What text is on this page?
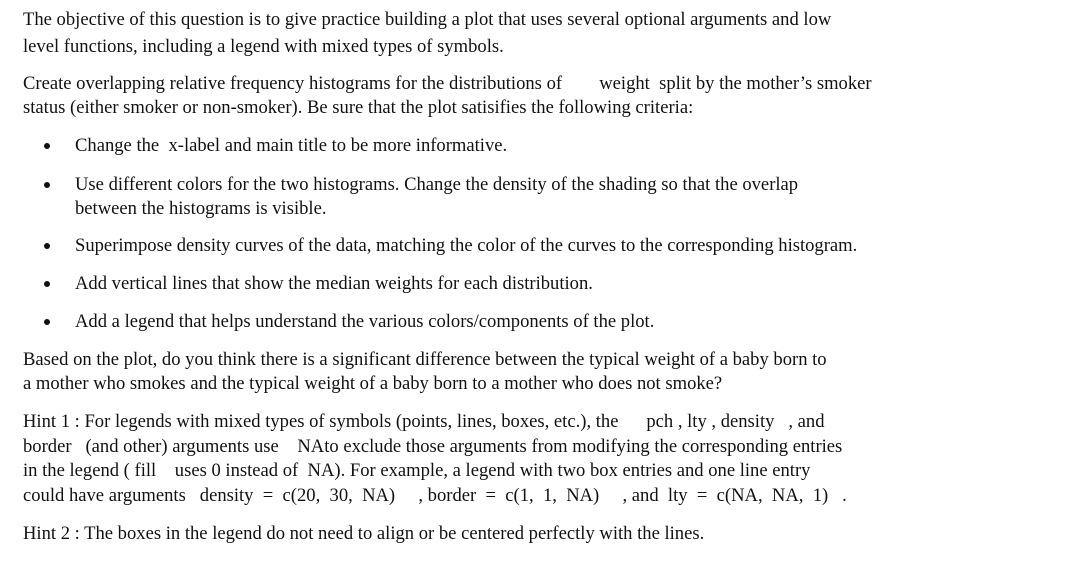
The objective of this question is to give practice building a plot that uses several optional arguments and low
level functions, including a legend with mixed types of symbols.
Create overlapping relative frequency histograms for the distributions of        weight  split by the mother’s smoker
status (either smoker or non-smoker). Be sure that the plot satisifies the following criteria:
Change the  x-label and main title to be more informative.
Use different colors for the two histograms. Change the density of the shading so that the overlap
between the histograms is visible.
Superimpose density curves of the data, matching the color of the curves to the corresponding histogram.
Add vertical lines that show the median weights for each distribution.
Add a legend that helps understand the various colors/components of the plot.
Based on the plot, do you think there is a significant difference between the typical weight of a baby born to
a mother who smokes and the typical weight of a baby born to a mother who does not smoke?
Hint 1 : For legends with mixed types of symbols (points, lines, boxes, etc.), the      pch , lty , density   , and
border   (and other) arguments use    NAto exclude those arguments from modifying the corresponding entries
in the legend ( fill    uses 0 instead of  NA). For example, a legend with two box entries and one line entry
could have arguments   density  =  c(20,  30,  NA)     , border  =  c(1,  1,  NA)     , and  lty  =  c(NA,  NA,  1)   .
Hint 2 : The boxes in the legend do not need to align or be centered perfectly with the lines.
